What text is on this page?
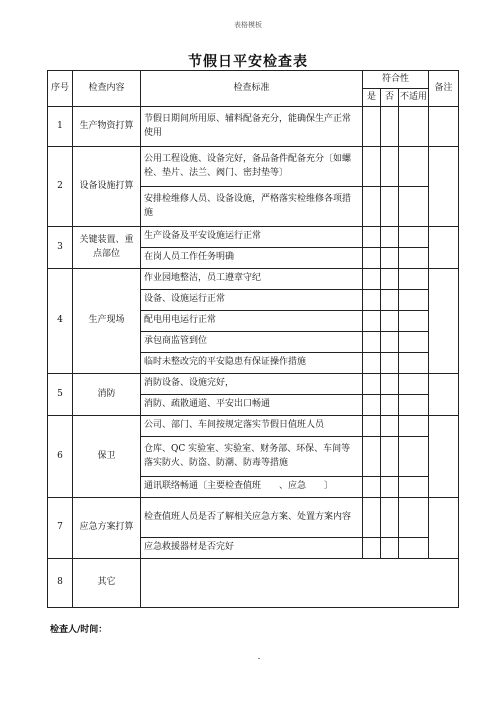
表格模板
节假日平安检查表
序号	检查内容	检查标准	符合性			备注
			是	否	不适用	
1	生产物资打算	节假日期间所用原、辅料配备充分，能确保生产正常使用				
2	设备设施打算	公用工程设施、设备完好，备品备件配备充分〔如螺栓、垫片、法兰、阀门、密封垫等〕				
		安排检维修人员、设备设施，严格落实检维修各项措施				
3	关键装置、重点部位	生产设备及平安设施运行正常				
		在岗人员工作任务明确				
4	生产现场	作业园地整洁，员工遵章守纪				
		设备、设施运行正常				
		配电用电运行正常				
		承包商监管到位				
		临时未整改完的平安隐患有保证操作措施				
5	消防	消防设备、设施完好，				
		消防、疏散通道、平安出口畅通				
6	保卫	公司、部门、车间按规定落实节假日值班人员				
		仓库、QC 实验室、实验室、财务部、环保、车间等落实防火、防盗、防潮、防毒等措施				
		通讯联络畅通〔主要检查值班　　、应急　　〕				
7	应急方案打算	检查值班人员是否了解相关应急方案、处置方案内容				
		应急救援器材是否完好				
8	其它					
检查人/时间：
